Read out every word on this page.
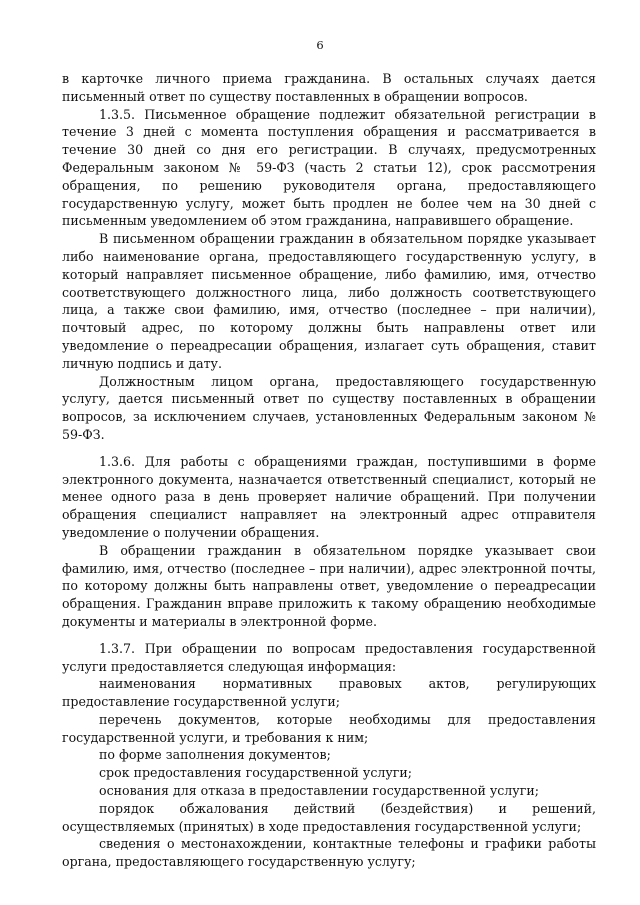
6

в карточке личного приема гражданина. В остальных случаях дается письменный ответ по существу поставленных в обращении вопросов.

1.3.5. Письменное обращение подлежит обязательной регистрации в течение 3 дней с момента поступления обращения и рассматривается в течение 30 дней со дня его регистрации. В случаях, предусмотренных Федеральным законом № 59-ФЗ (часть 2 статьи 12), срок рассмотрения обращения, по решению руководителя органа, предоставляющего государственную услугу, может быть продлен не более чем на 30 дней с письменным уведомлением об этом гражданина, направившего обращение.

В письменном обращении гражданин в обязательном порядке указывает либо наименование органа, предоставляющего государственную услугу, в который направляет письменное обращение, либо фамилию, имя, отчество соответствующего должностного лица, либо должность соответствующего лица, а также свои фамилию, имя, отчество (последнее – при наличии), почтовый адрес, по которому должны быть направлены ответ или уведомление о переадресации обращения, излагает суть обращения, ставит личную подпись и дату.

Должностным лицом органа, предоставляющего государственную услугу, дается письменный ответ по существу поставленных в обращении вопросов, за исключением случаев, установленных Федеральным законом № 59-ФЗ.

1.3.6. Для работы с обращениями граждан, поступившими в форме электронного документа, назначается ответственный специалист, который не менее одного раза в день проверяет наличие обращений. При получении обращения специалист направляет на электронный адрес отправителя уведомление о получении обращения.

В обращении гражданин в обязательном порядке указывает свои фамилию, имя, отчество (последнее – при наличии), адрес электронной почты, по которому должны быть направлены ответ, уведомление о переадресации обращения. Гражданин вправе приложить к такому обращению необходимые документы и материалы в электронной форме.

1.3.7. При обращении по вопросам предоставления государственной услуги предоставляется следующая информация:

наименования нормативных правовых актов, регулирующих предоставление государственной услуги;

перечень документов, которые необходимы для предоставления государственной услуги, и требования к ним;

по форме заполнения документов;

срок предоставления государственной услуги;

основания для отказа в предоставлении государственной услуги;

порядок обжалования действий (бездействия) и решений, осуществляемых (принятых) в ходе предоставления государственной услуги;

сведения о местонахождении, контактные телефоны и графики работы органа, предоставляющего государственную услугу;
